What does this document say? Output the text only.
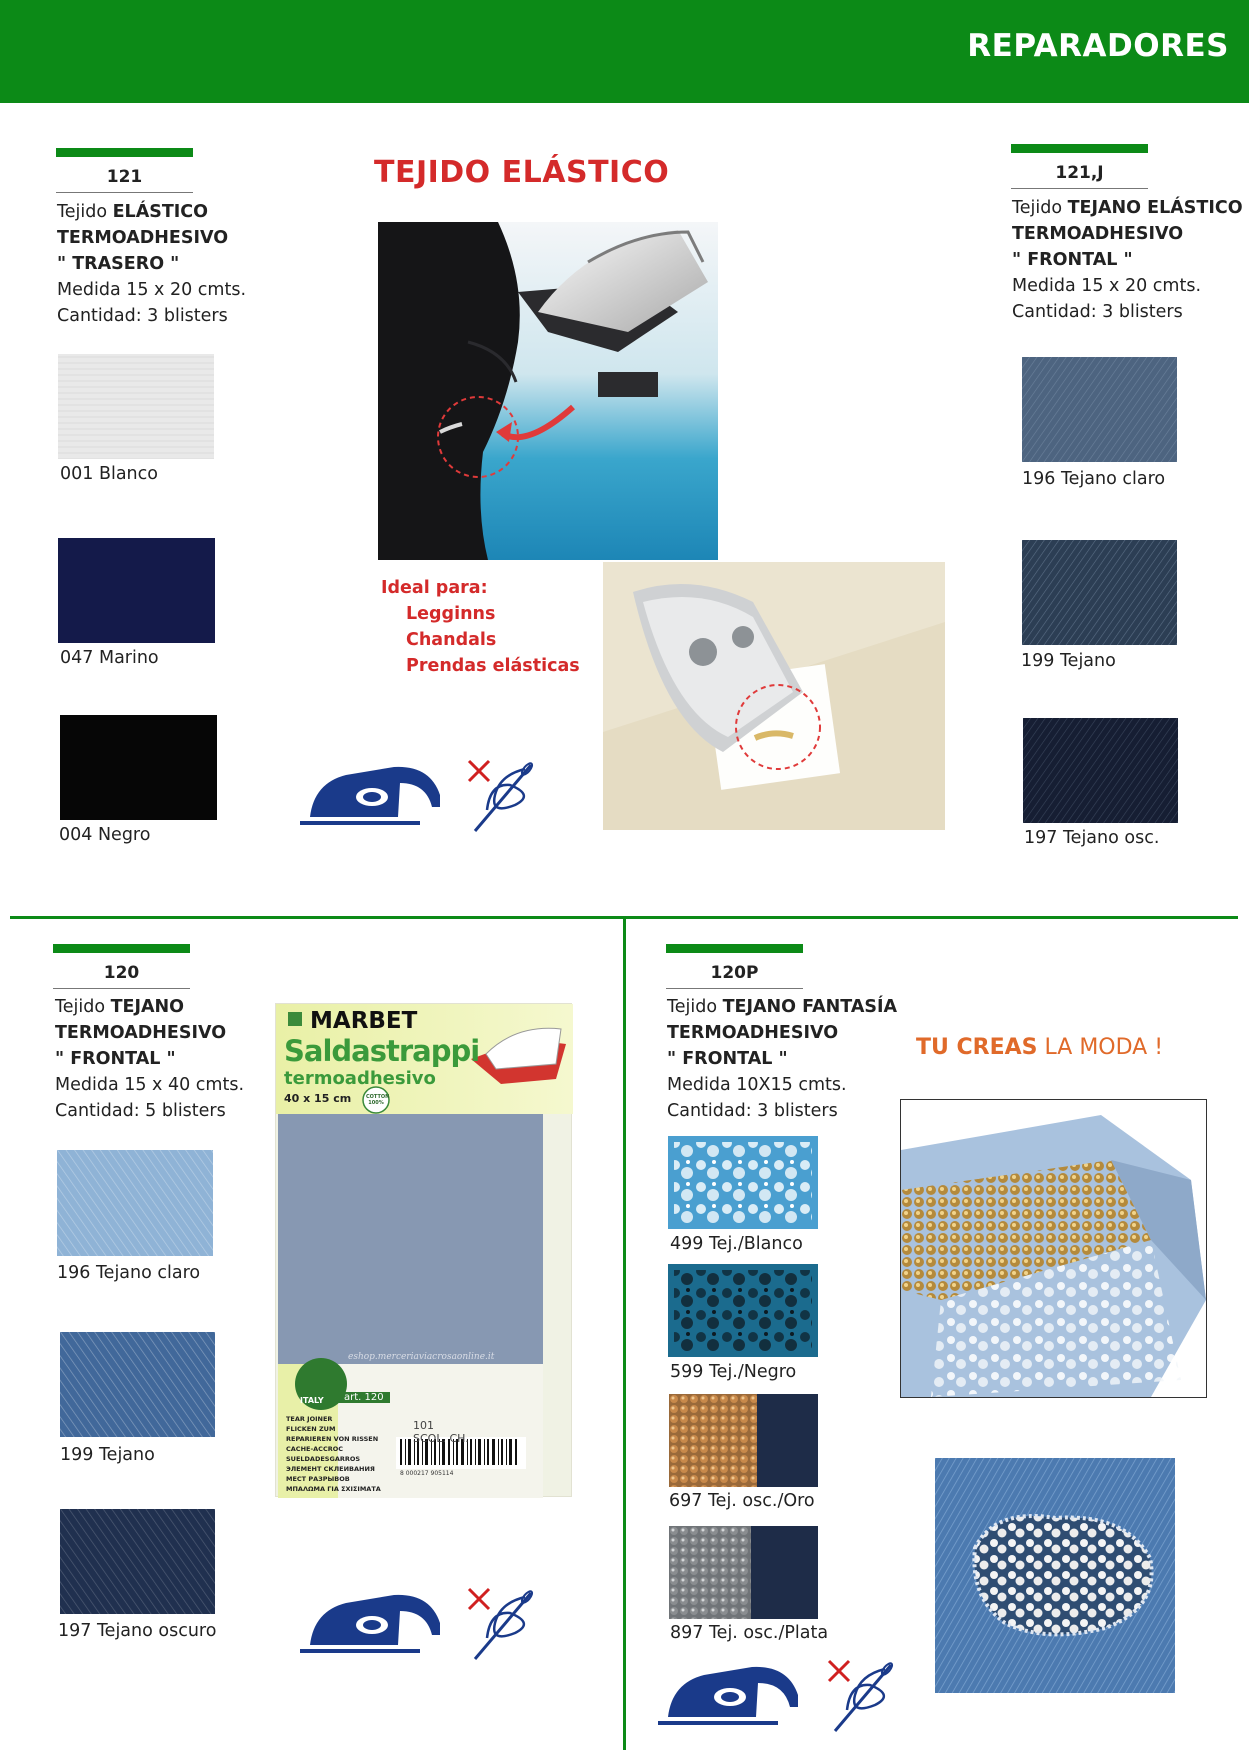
REPARADORES
121
Tejido ELÁSTICO
TERMOADHESIVO
" TRASERO "
Medida 15 x 20 cmts.
Cantidad: 3 blisters
001 Blanco
047 Marino
004 Negro
TEJIDO ELÁSTICO
Ideal para:
Legginns
Chandals
Prendas elásticas
121,J
Tejido TEJANO ELÁSTICO
TERMOADHESIVO
" FRONTAL "
Medida 15 x 20 cmts.
Cantidad: 3 blisters
196 Tejano claro
199 Tejano
197 Tejano osc.
120
Tejido TEJANO
TERMOADHESIVO
" FRONTAL "
Medida 15 x 40 cmts.
Cantidad: 5 blisters
196 Tejano claro
199 Tejano
197 Tejano oscuro
MARBET
Saldastrappi
termoadhesivo
40 x 15 cm	COTTON 100%
eshop.merceriaviacrosaonline.it
ITALY	art. 120
TEAR JOINER
FLICKEN ZUM
REPARIEREN VON RISSEN
CACHE-ACCROC
SUELDADESGARROS
ЭЛЕМЕНТ СКЛЕИВАНИЯ
МЕСТ РАЗРЫВОВ
ΜΠΑΛΩΜΑ ΓΙΑ ΣΧΙΣΙΜΑΤΑ
101
SCOL. CH.
8 000217 905114
120P
Tejido TEJANO FANTASÍA
TERMOADHESIVO
" FRONTAL "
Medida 10X15 cmts.
Cantidad: 3 blisters
499 Tej./Blanco
599 Tej./Negro
697 Tej. osc./Oro
897 Tej. osc./Plata
TU CREAS LA MODA !
